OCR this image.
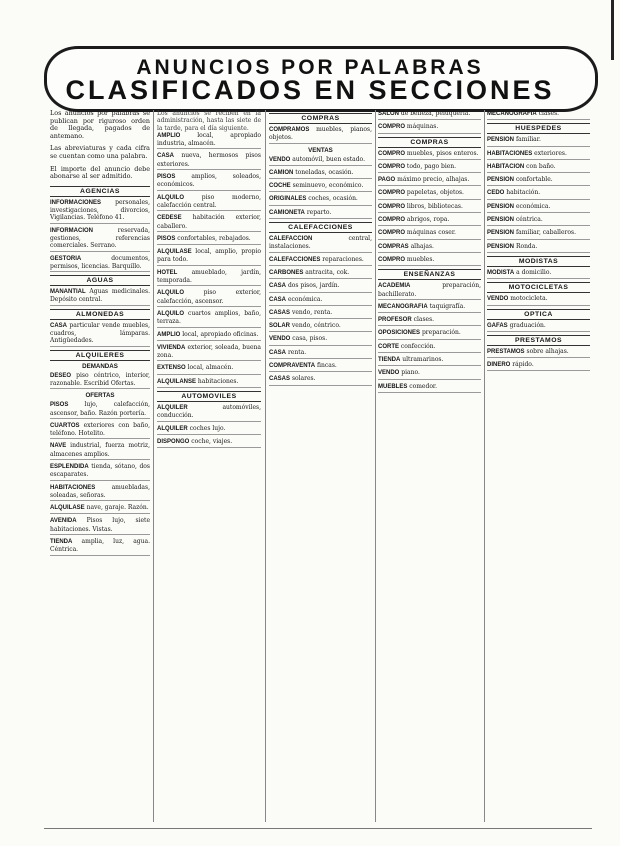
ANUNCIOS POR PALABRAS
CLASIFICADOS EN SECCIONES
Los anuncios por palabras se publican por riguroso orden de llegada, pagados de antemano.
Las abreviaturas y cada cifra se cuentan como una palabra.
El importe del anuncio debe abonarse al ser admitido.
AGENCIAS
INFORMACIONES personales, investigaciones, divorcios, Vigilancias. Teléfono 41.
INFORMACION	reservada, gestiones, referencias comerciales. Serrano.
GESTORIA	documentos, permisos, licencias. Barquillo.
AGUAS
MANANTIAL Aguas medicinales. Depósito central.
ALMONEDAS
CASA particular vende muebles, cuadros, lámparas. Antigüedades.
ALQUILERES
DEMANDAS
DESEO piso céntrico, interior, razonable. Escribid Ofertas.
OFERTAS
PISOS	lujo, calefacción, ascensor, baño. Razón portería.
CUARTOS exteriores con baño, teléfono. Hotelito.
NAVE industrial, fuerza motriz, almacenes amplios.
ESPLENDIDA tienda, sótano, dos escaparates.
HABITACIONES	amuebladas, soleadas, señoras.
ALQUILASE nave, garaje. Razón.
AVENIDA Pisos lujo, siete habitaciones. Vistas.
TIENDA amplia, luz, agua. Céntrica.
Los anuncios se reciben en la administración, hasta las siete de la tarde, para el día siguiente.
AMPLIO	local, apropiado industria, almacén.
CASA nueva, hermosos pisos exteriores.
PISOS	amplios, soleados, económicos.
ALQUILO	piso moderno, calefacción central.
CEDESE habitación exterior, caballero.
PISOS confortables, rebajados.
ALQUILASE local, amplio, propio para todo.
HOTEL amueblado, jardín, temporada.
ALQUILO	piso exterior, calefacción, ascensor.
ALQUILO cuartos amplios, baño, terraza.
AMPLIO local, apropiado oficinas.
VIVIENDA exterior, soleada, buena zona.
EXTENSO local, almacén.
ALQUILANSE habitaciones.
AUTOMOVILES
ALQUILER	automóviles, conducción.
ALQUILER coches lujo.
DISPONGO coche, viajes.
COMPRAS
COMPRAMOS muebles, pianos, objetos.
VENTAS
VENDO automóvil, buen estado.
CAMION toneladas, ocasión.
COCHE seminuevo, económico.
ORIGINALES coches, ocasión.
CAMIONETA reparto.
CALEFACCIONES
CALEFACCION	central, instalaciones.
CALEFACCIONES reparaciones.
CARBONES antracita, cok.
CASA dos pisos, jardín.
CASA económica.
CASAS vendo, renta.
SOLAR vendo, céntrico.
VENDO casa, pisos.
CASA renta.
COMPRAVENTA fincas.
CASAS solares.
SALON de belleza, peluquería.
COMPRO máquinas.
COMPRAS
COMPRO muebles, pisos enteros.
COMPRO todo, pago bien.
PAGO máximo precio, alhajas.
COMPRO papeletas, objetos.
COMPRO libros, bibliotecas.
COMPRO abrigos, ropa.
COMPRO máquinas coser.
COMPRAS alhajas.
COMPRO muebles.
ENSEÑANZAS
ACADEMIA	preparación, bachillerato.
MECANOGRAFIA taquigrafía.
PROFESOR clases.
OPOSICIONES preparación.
CORTE confección.
TIENDA ultramarinos.
VENDO piano.
MUEBLES comedor.
MECANOGRAFIA clases.
HUESPEDES
PENSION familiar.
HABITACIONES exteriores.
HABITACION con baño.
PENSION confortable.
CEDO habitación.
PENSION económica.
PENSION céntrica.
PENSION familiar, caballeros.
PENSION Ronda.
MODISTAS
MODISTA a domicilio.
MOTOCICLETAS
VENDO motocicleta.
OPTICA
GAFAS graduación.
PRESTAMOS
PRESTAMOS sobre alhajas.
DINERO rápido.
